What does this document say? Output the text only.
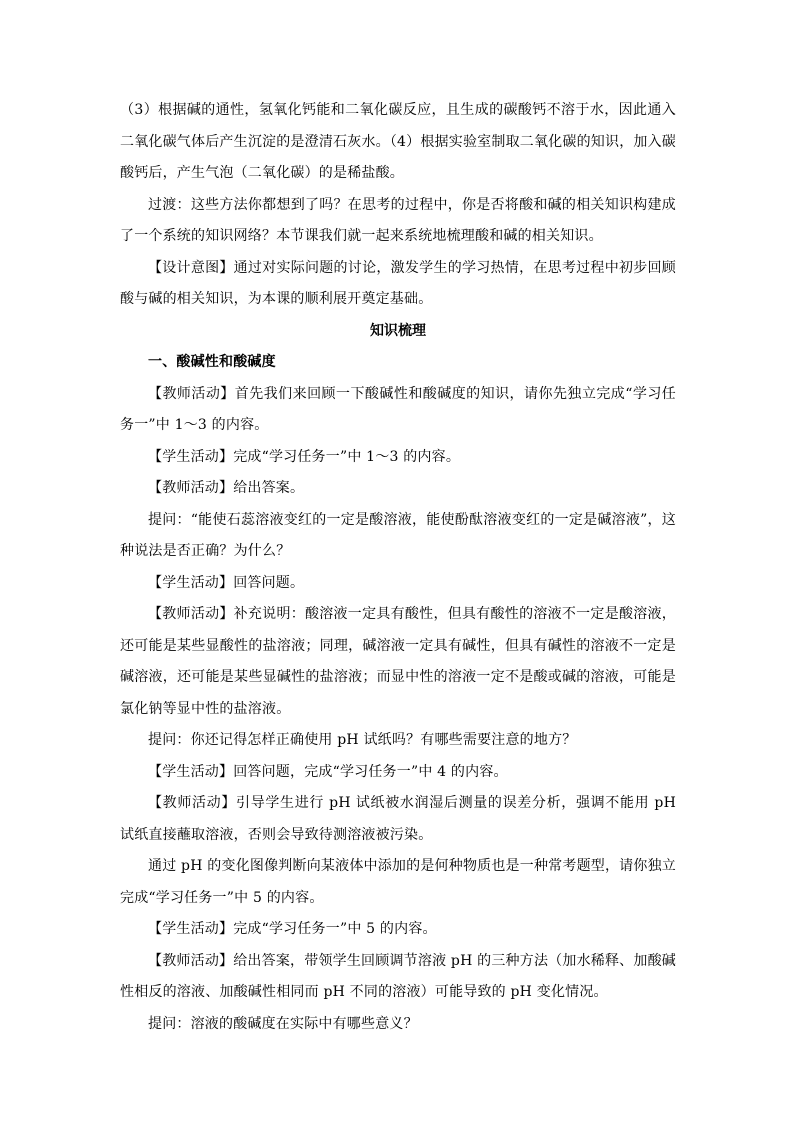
（3）根据碱的通性，氢氧化钙能和二氧化碳反应，且生成的碳酸钙不溶于水，因此通入二氧化碳气体后产生沉淀的是澄清石灰水。（4）根据实验室制取二氧化碳的知识，加入碳酸钙后，产生气泡（二氧化碳）的是稀盐酸。

过渡：这些方法你都想到了吗？在思考的过程中，你是否将酸和碱的相关知识构建成了一个系统的知识网络？本节课我们就一起来系统地梳理酸和碱的相关知识。

【设计意图】通过对实际问题的讨论，激发学生的学习热情，在思考过程中初步回顾酸与碱的相关知识，为本课的顺利展开奠定基础。

知识梳理

一、酸碱性和酸碱度

【教师活动】首先我们来回顾一下酸碱性和酸碱度的知识，请你先独立完成“学习任务一”中 1～3 的内容。

【学生活动】完成“学习任务一”中 1～3 的内容。

【教师活动】给出答案。

提问：“能使石蕊溶液变红的一定是酸溶液，能使酚酞溶液变红的一定是碱溶液”，这种说法是否正确？为什么？

【学生活动】回答问题。

【教师活动】补充说明：酸溶液一定具有酸性，但具有酸性的溶液不一定是酸溶液，还可能是某些显酸性的盐溶液；同理，碱溶液一定具有碱性，但具有碱性的溶液不一定是碱溶液，还可能是某些显碱性的盐溶液；而显中性的溶液一定不是酸或碱的溶液，可能是氯化钠等显中性的盐溶液。

提问：你还记得怎样正确使用 pH 试纸吗？有哪些需要注意的地方？

【学生活动】回答问题，完成“学习任务一”中 4 的内容。

【教师活动】引导学生进行 pH 试纸被水润湿后测量的误差分析，强调不能用 pH 试纸直接蘸取溶液，否则会导致待测溶液被污染。

通过 pH 的变化图像判断向某液体中添加的是何种物质也是一种常考题型，请你独立完成“学习任务一”中 5 的内容。

【学生活动】完成“学习任务一”中 5 的内容。

【教师活动】给出答案，带领学生回顾调节溶液 pH 的三种方法（加水稀释、加酸碱性相反的溶液、加酸碱性相同而 pH 不同的溶液）可能导致的 pH 变化情况。

提问：溶液的酸碱度在实际中有哪些意义？
